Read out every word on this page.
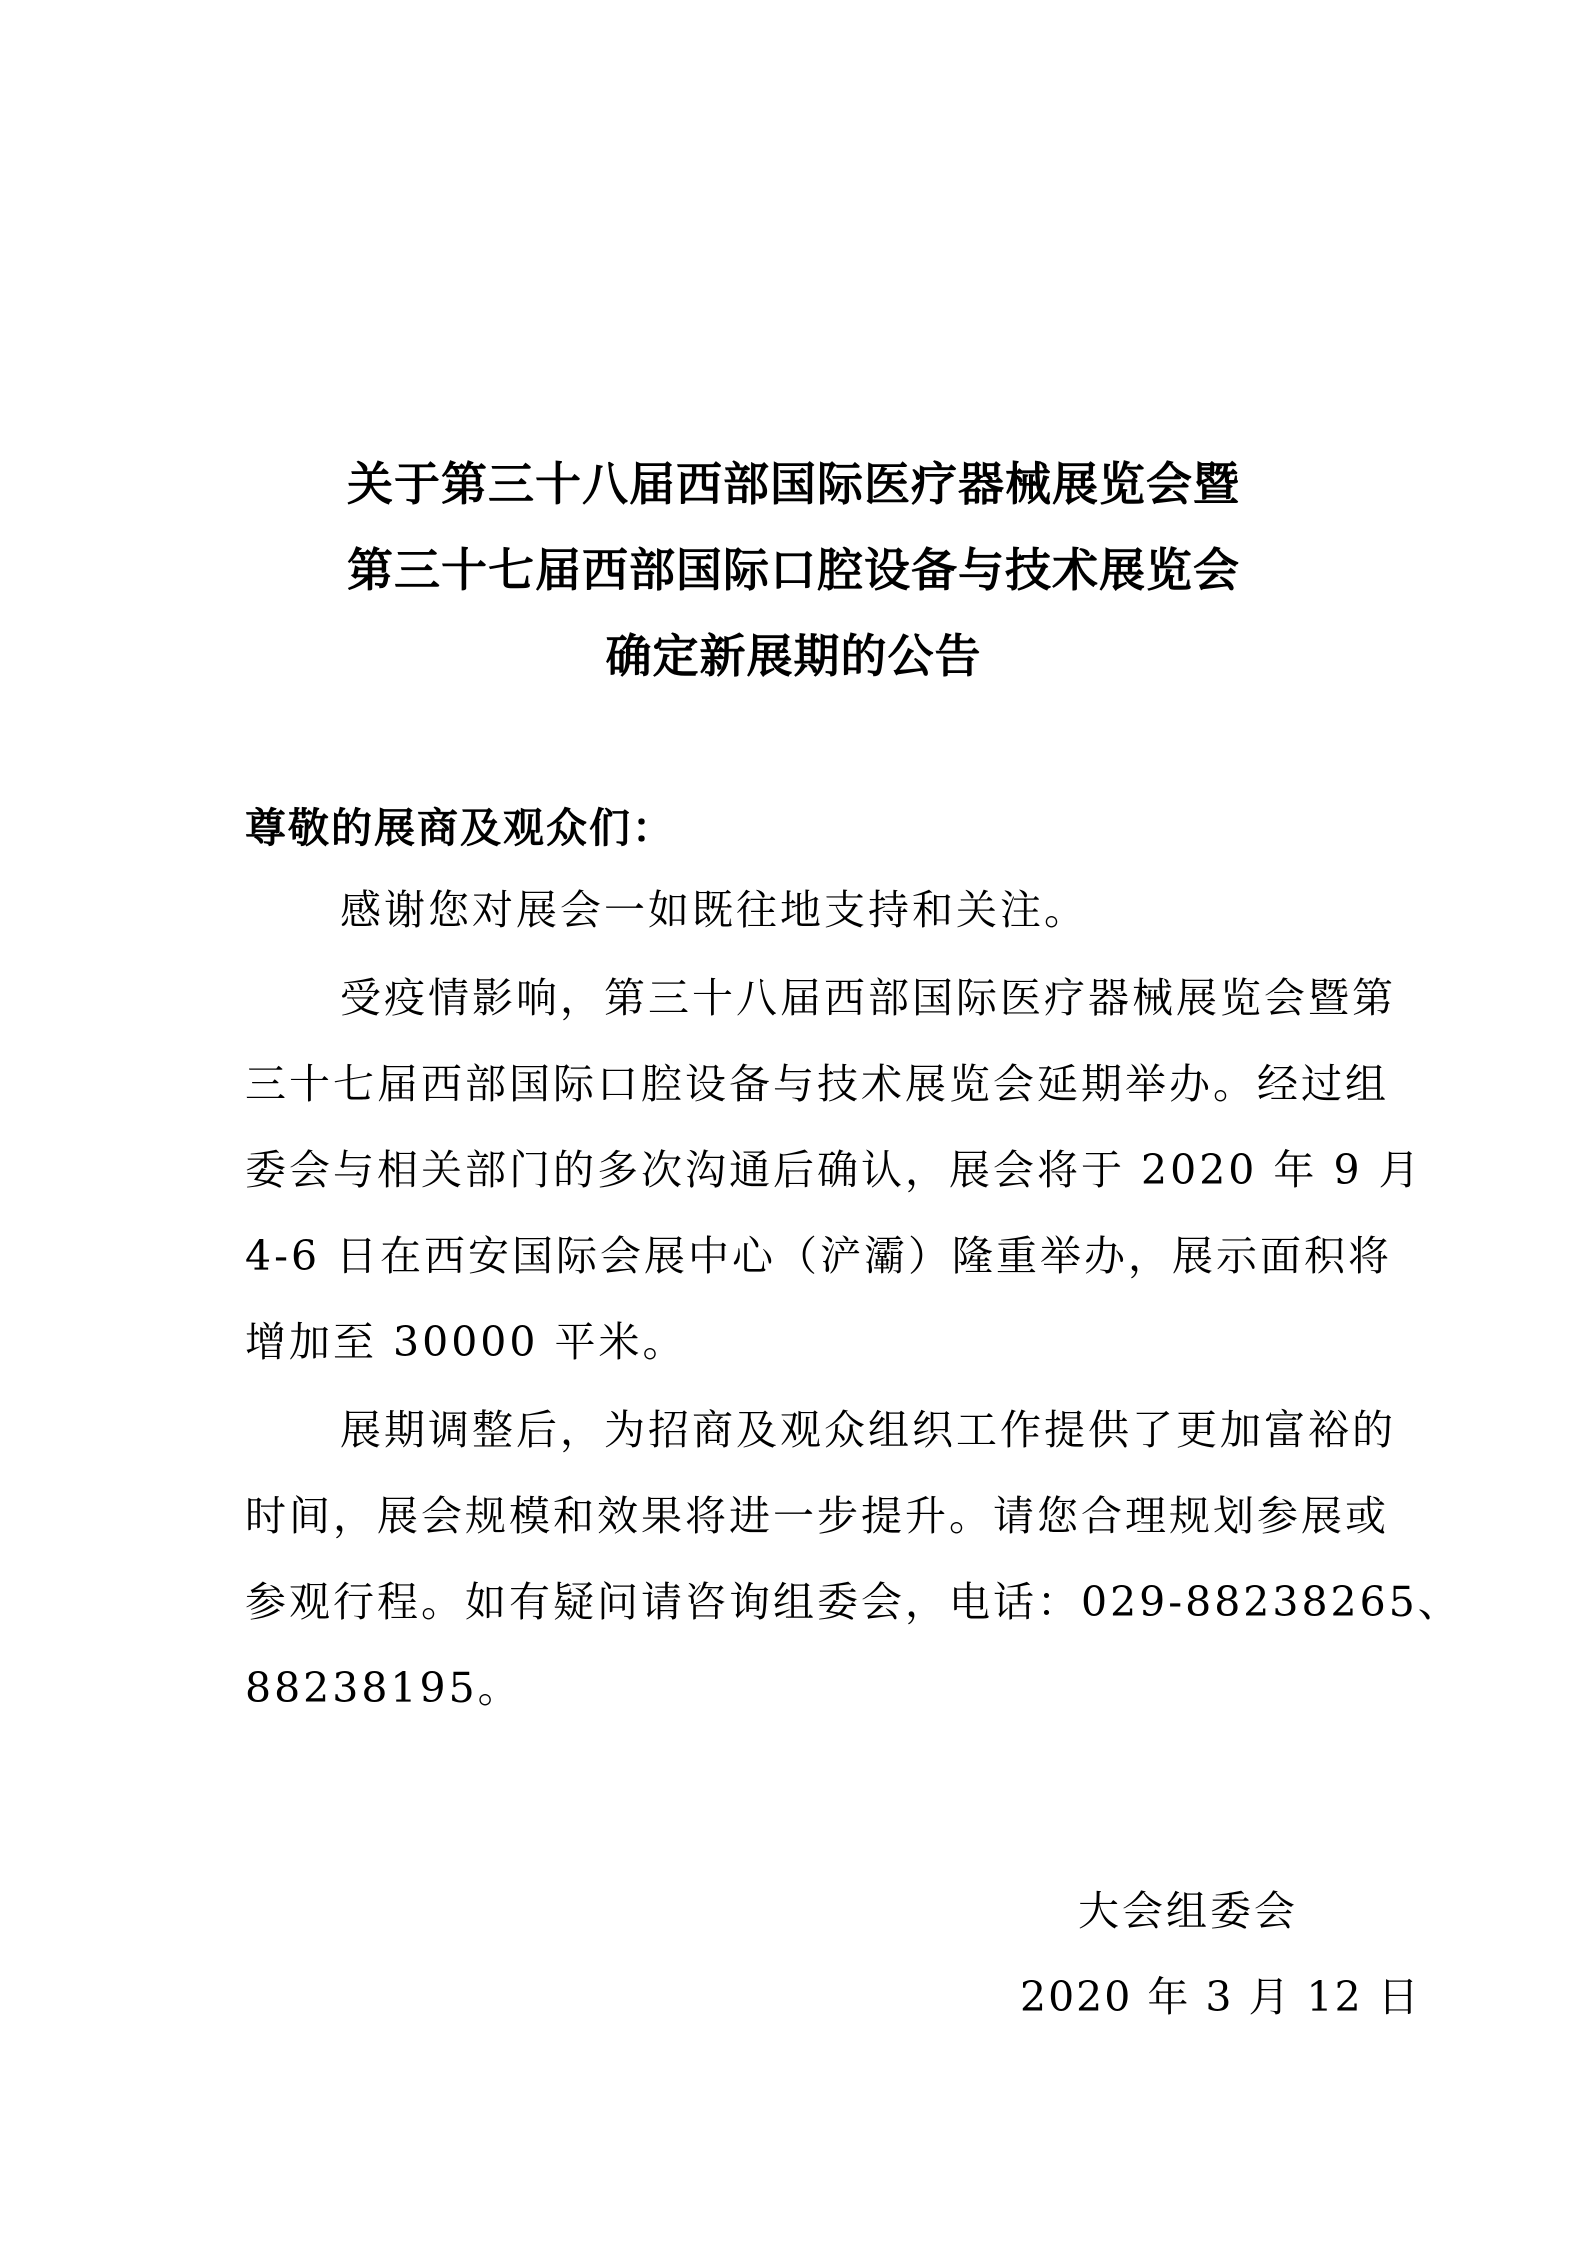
关于第三十八届西部国际医疗器械展览会暨
第三十七届西部国际口腔设备与技术展览会
确定新展期的公告
尊敬的展商及观众们：
感谢您对展会一如既往地支持和关注。
受疫情影响，第三十八届西部国际医疗器械展览会暨第
三十七届西部国际口腔设备与技术展览会延期举办。经过组
委会与相关部门的多次沟通后确认，展会将于 2020 年 9 月
4-6 日在西安国际会展中心（浐灞）隆重举办，展示面积将
增加至 30000 平米。
展期调整后，为招商及观众组织工作提供了更加富裕的
时间，展会规模和效果将进一步提升。请您合理规划参展或
参观行程。如有疑问请咨询组委会，电话：029-88238265、
88238195。
大会组委会
2020 年 3 月 12 日
